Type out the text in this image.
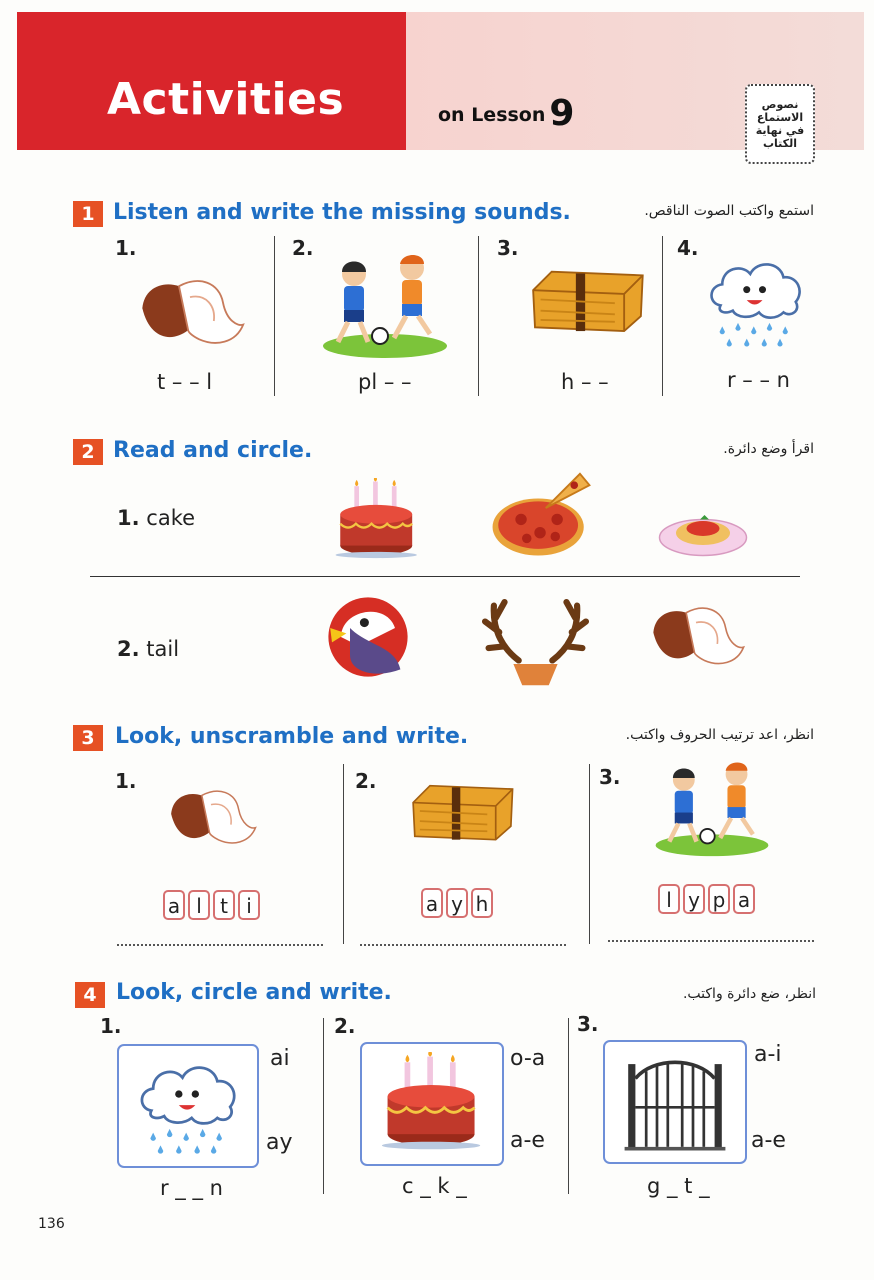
Activities	on Lesson 9	نصوص الاستماع في نهاية الكتاب
1 Listen and write the missing sounds.	استمع واكتب الصوت الناقص.
1.
t – – l
2.
pl – –
3.
h – –
4.
r – – n
2 Read and circle.	اقرأ وضع دائرة.
1. cake
2. tail
3 Look, unscramble and write.	انظر، اعد ترتيب الحروف واكتب.
1.
a l t i
2.
a y h
3.
l y p a
4 Look, circle and write.	انظر، ضع دائرة واكتب.
1.
ai
ay
r _ _ n
2.
o-a
a-e
c _ k _
3.
a-i
a-e
g _ t _
136
